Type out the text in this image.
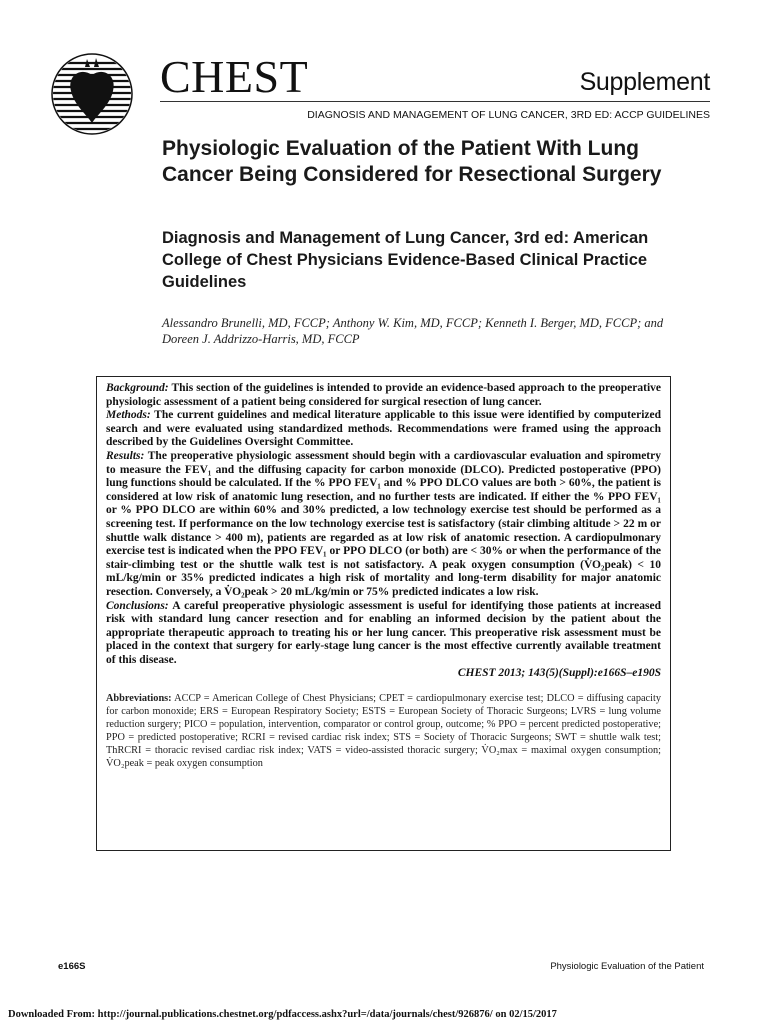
CHEST	Supplement
DIAGNOSIS AND MANAGEMENT OF LUNG CANCER, 3RD ED: ACCP GUIDELINES
Physiologic Evaluation of the Patient With Lung Cancer Being Considered for Resectional Surgery
Diagnosis and Management of Lung Cancer, 3rd ed: American College of Chest Physicians Evidence-Based Clinical Practice Guidelines

Alessandro Brunelli, MD, FCCP; Anthony W. Kim, MD, FCCP; Kenneth I. Berger, MD, FCCP; and Doreen J. Addrizzo-Harris, MD, FCCP

Background: This section of the guidelines is intended to provide an evidence-based approach to the preoperative physiologic assessment of a patient being considered for surgical resection of lung cancer.

Methods: The current guidelines and medical literature applicable to this issue were identified by computerized search and were evaluated using standardized methods. Recommendations were framed using the approach described by the Guidelines Oversight Committee.

Results: The preoperative physiologic assessment should begin with a cardiovascular evaluation and spirometry to measure the FEV₁ and the diffusing capacity for carbon monoxide (DLCO). Predicted postoperative (PPO) lung functions should be calculated. If the % PPO FEV₁ and % PPO DLCO values are both > 60%, the patient is considered at low risk of anatomic lung resection, and no further tests are indicated. If either the % PPO FEV₁ or % PPO DLCO are within 60% and 30% predicted, a low technology exercise test should be performed as a screening test. If performance on the low technology exercise test is satisfactory (stair climbing altitude > 22 m or shuttle walk distance > 400 m), patients are regarded as at low risk of anatomic resection. A cardiopulmonary exercise test is indicated when the PPO FEV₁ or PPO DLCO (or both) are < 30% or when the performance of the stair-climbing test or the shuttle walk test is not satisfactory. A peak oxygen consumption (V̇O₂peak) < 10 mL/kg/min or 35% predicted indicates a high risk of mortality and long-term disability for major anatomic resection. Conversely, a V̇O₂peak > 20 mL/kg/min or 75% predicted indicates a low risk.

Conclusions: A careful preoperative physiologic assessment is useful for identifying those patients at increased risk with standard lung cancer resection and for enabling an informed decision by the patient about the appropriate therapeutic approach to treating his or her lung cancer. This preoperative risk assessment must be placed in the context that surgery for early-stage lung cancer is the most effective currently available treatment of this disease.

CHEST 2013; 143(5)(Suppl):e166S–e190S

Abbreviations: ACCP = American College of Chest Physicians; CPET = cardiopulmonary exercise test; DLCO = diffusing capacity for carbon monoxide; ERS = European Respiratory Society; ESTS = European Society of Thoracic Surgeons; LVRS = lung volume reduction surgery; PICO = population, intervention, comparator or control group, outcome; % PPO = percent predicted postoperative; PPO = predicted postoperative; RCRI = revised cardiac risk index; STS = Society of Thoracic Surgeons; SWT = shuttle walk test; ThRCRI = thoracic revised cardiac risk index; VATS = video-assisted thoracic surgery; V̇O₂max = maximal oxygen consumption; V̇O₂peak = peak oxygen consumption

e166S	Physiologic Evaluation of the Patient
Downloaded From: http://journal.publications.chestnet.org/pdfaccess.ashx?url=/data/journals/chest/926876/ on 02/15/2017
